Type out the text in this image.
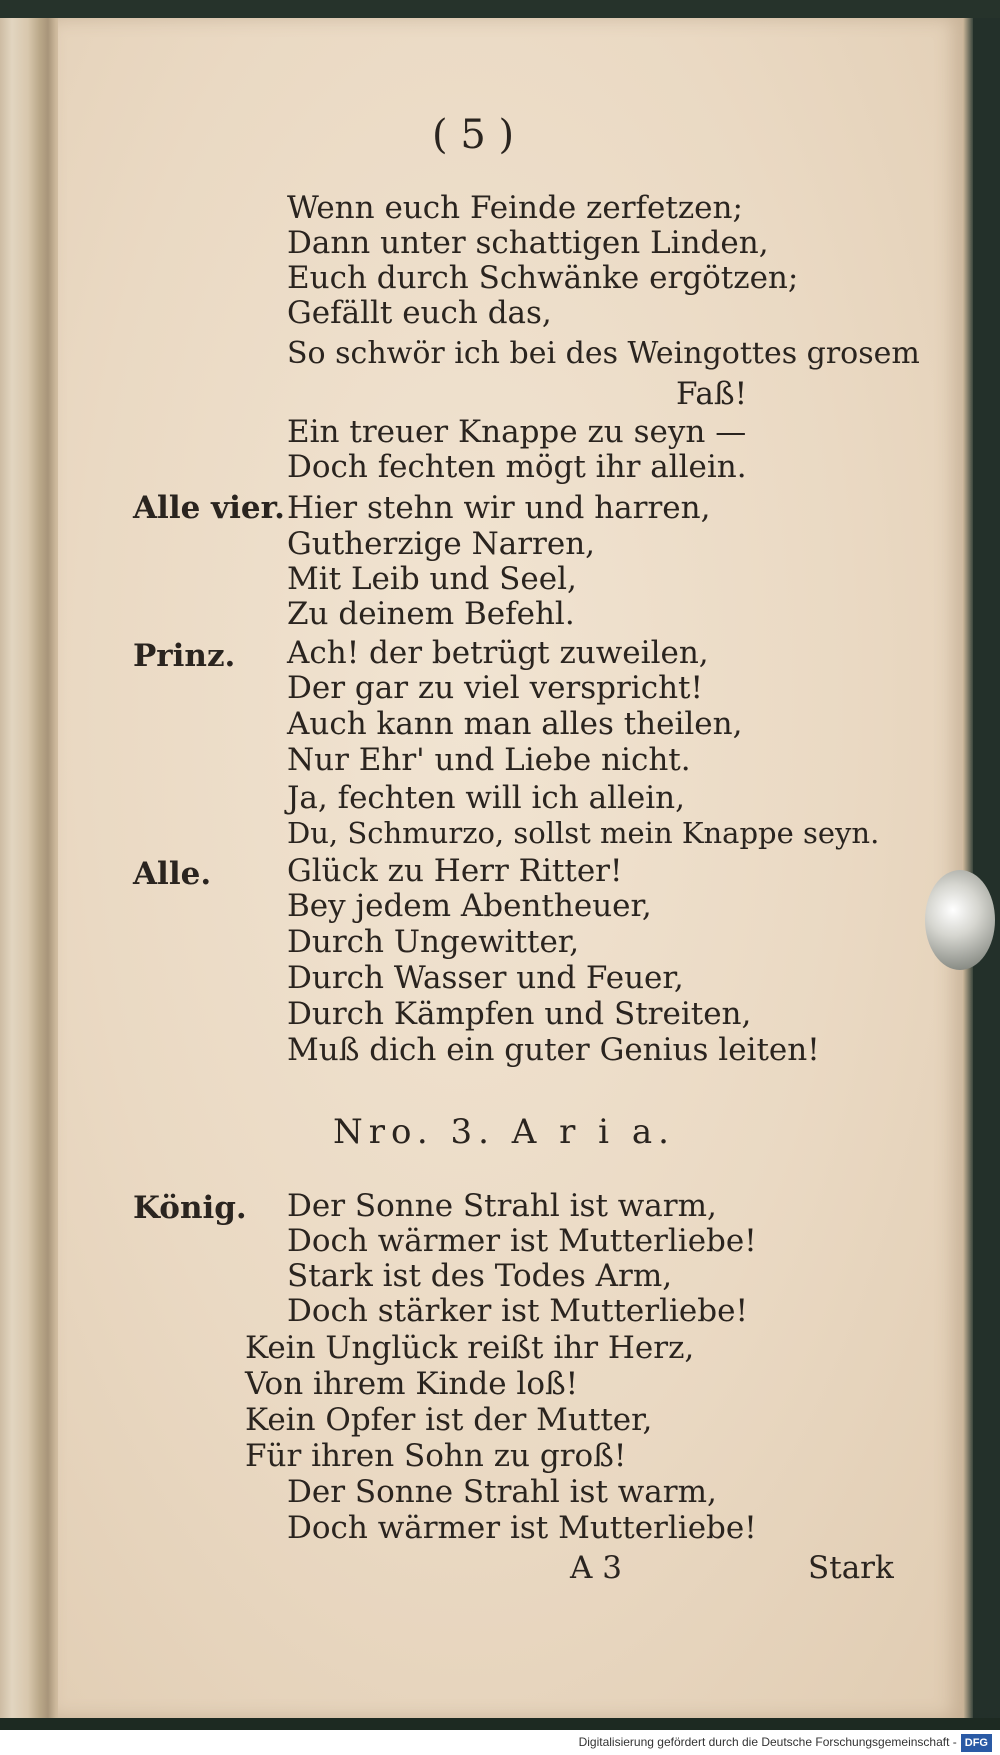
( 5 )
Wenn euch Feinde zerfetzen;
Dann unter schattigen Linden,
Euch durch Schwänke ergötzen;
Gefällt euch das,
So schwör ich bei des Weingottes grosem
Faß!
Ein treuer Knappe zu seyn —
Doch fechten mögt ihr allein.
Alle vier. Hier stehn wir und harren,
Gutherzige Narren,
Mit Leib und Seel,
Zu deinem Befehl.
Prinz. Ach! der betrügt zuweilen,
Der gar zu viel verspricht!
Auch kann man alles theilen,
Nur Ehr' und Liebe nicht.
Ja, fechten will ich allein,
Du, Schmurzo, sollst mein Knappe seyn.
Alle. Glück zu Herr Ritter!
Bey jedem Abentheuer,
Durch Ungewitter,
Durch Wasser und Feuer,
Durch Kämpfen und Streiten,
Muß dich ein guter Genius leiten!
Nro. 3. A r i a.
König. Der Sonne Strahl ist warm,
Doch wärmer ist Mutterliebe!
Stark ist des Todes Arm,
Doch stärker ist Mutterliebe!
Kein Unglück reißt ihr Herz,
Von ihrem Kinde loß!
Kein Opfer ist der Mutter,
Für ihren Sohn zu groß!
Der Sonne Strahl ist warm,
Doch wärmer ist Mutterliebe!
A 3	Stark
Digitalisierung gefördert durch die Deutsche Forschungsgemeinschaft - DFG
